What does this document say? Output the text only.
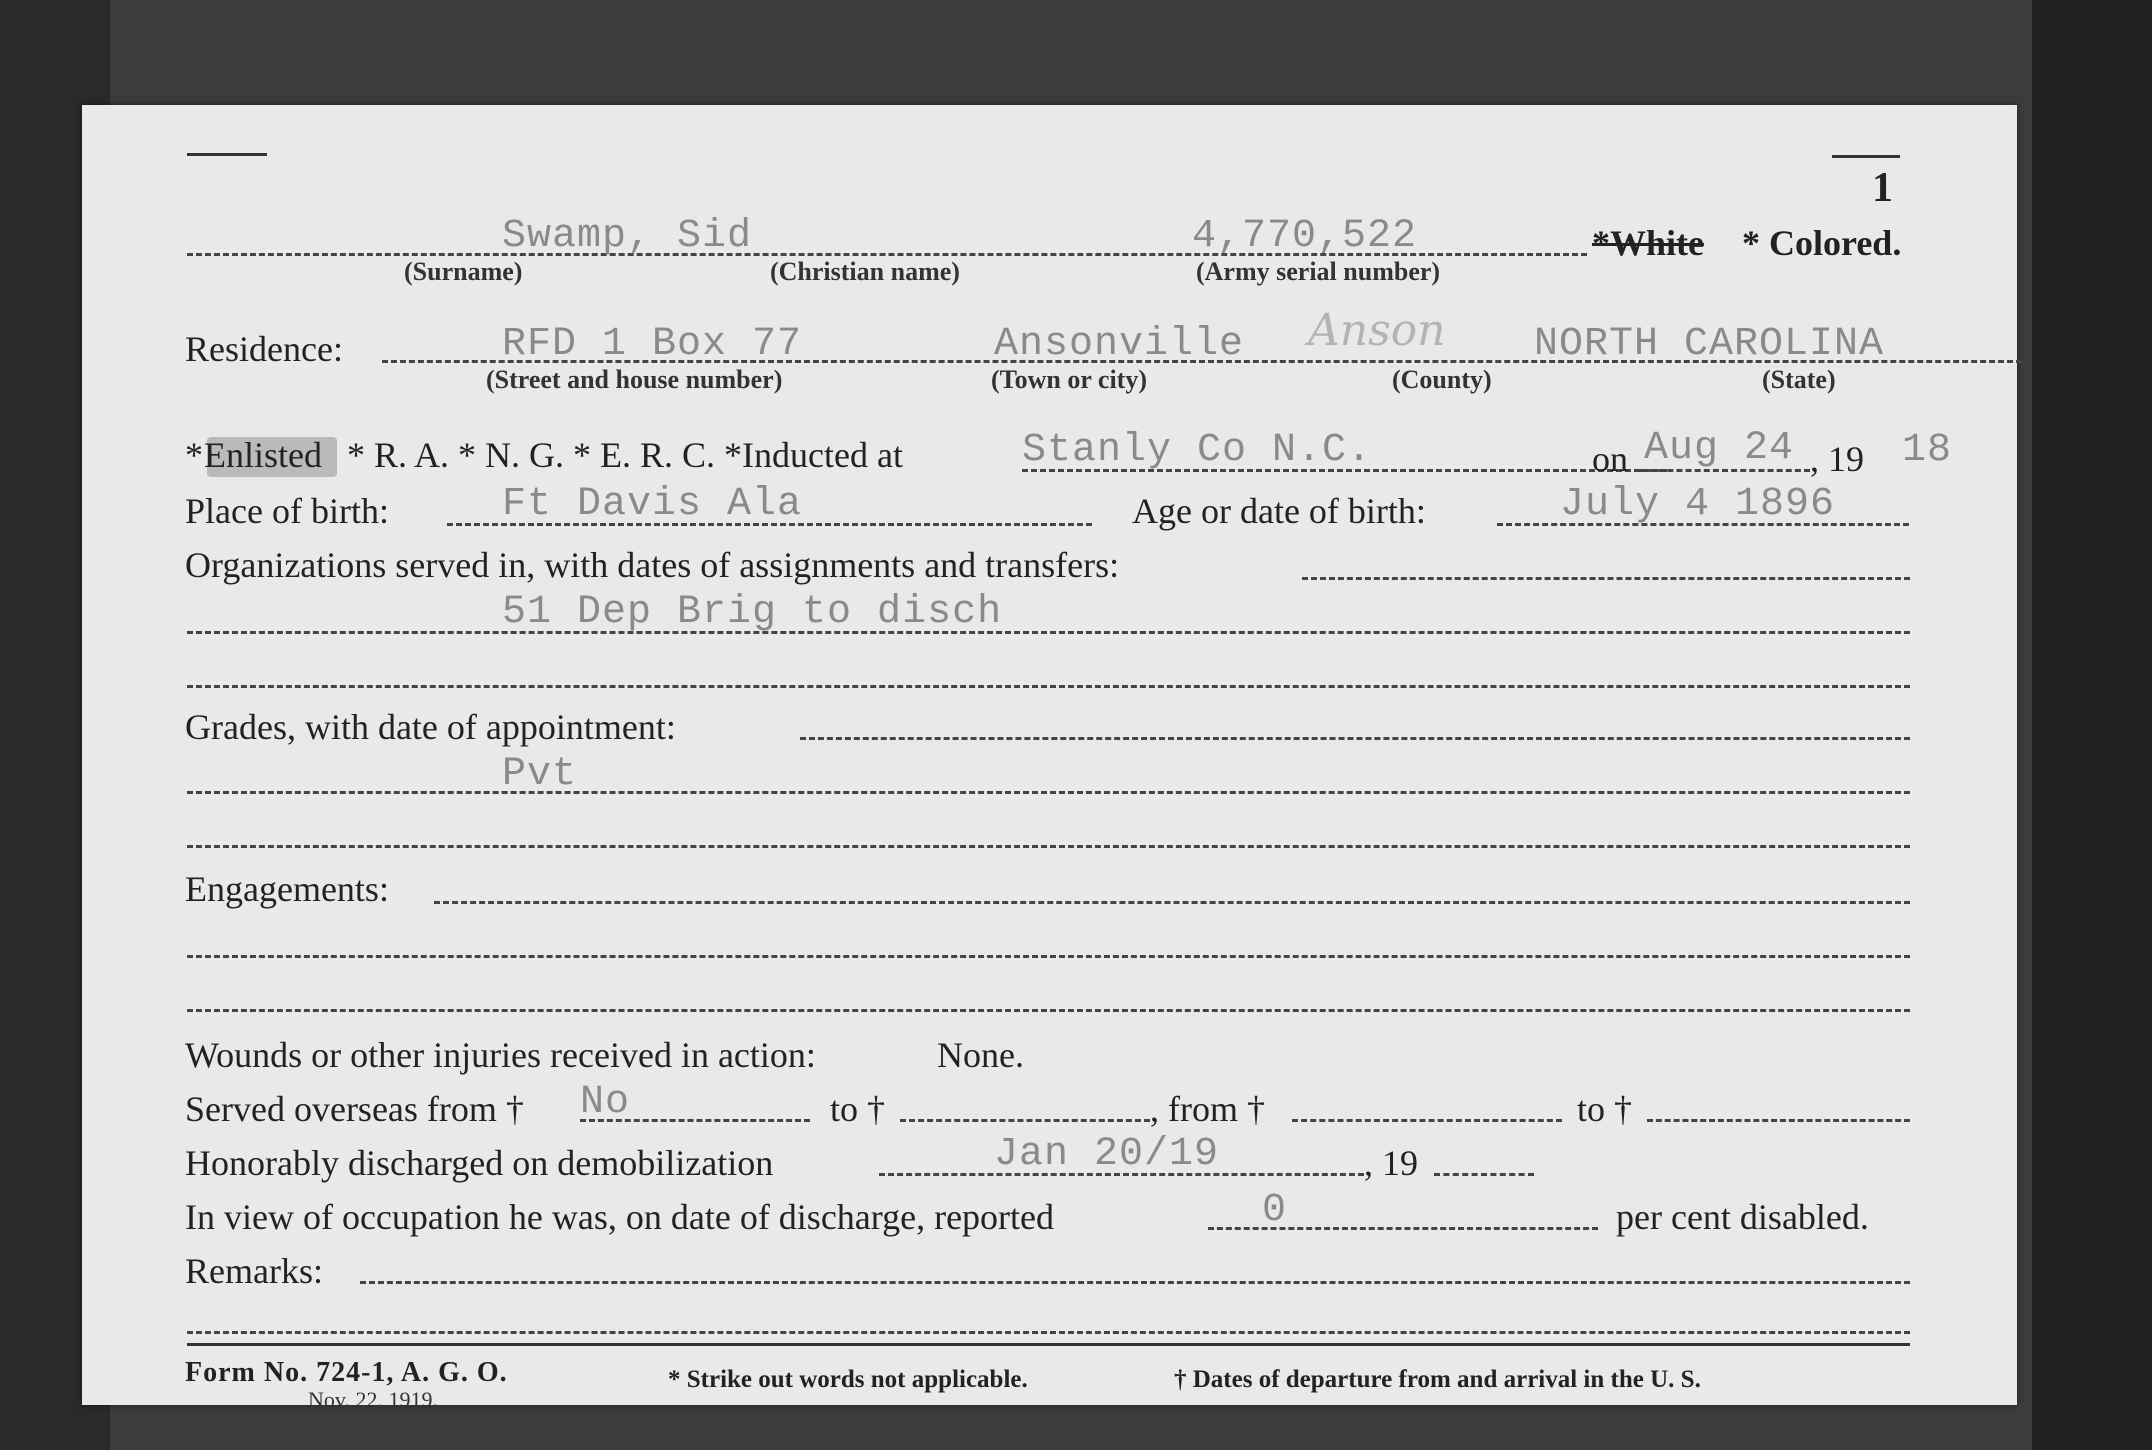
1
Swamp, Sid	4,770,522	*White * Colored.
(Surname)	(Christian name)	(Army serial number)
Residence:	RFD 1 Box 77	Ansonville Anson NORTH CAROLINA
(Street and house number)	(Town or city)	(County)	(State)
* Enlisted * R. A. * N. G. * E. R. C. *Inducted at	Stanly Co N.C.	on Aug 24 , 19 18
Place of birth:	Ft Davis Ala	Age or date of birth:	July 4 1896
Organizations served in, with dates of assignments and transfers:
51 Dep Brig to disch
Grades, with date of appointment:
Pvt
Engagements:
Wounds or other injuries received in action:	None.
Served overseas from † No	to †	, from †	to †
Honorably discharged on demobilization	Jan 20/19	, 19
In view of occupation he was, on date of discharge, reported	0	per cent disabled.
Remarks:
Form No. 724-1, A. G. O.
Nov. 22, 1919.
* Strike out words not applicable.	† Dates of departure from and arrival in the U. S.
